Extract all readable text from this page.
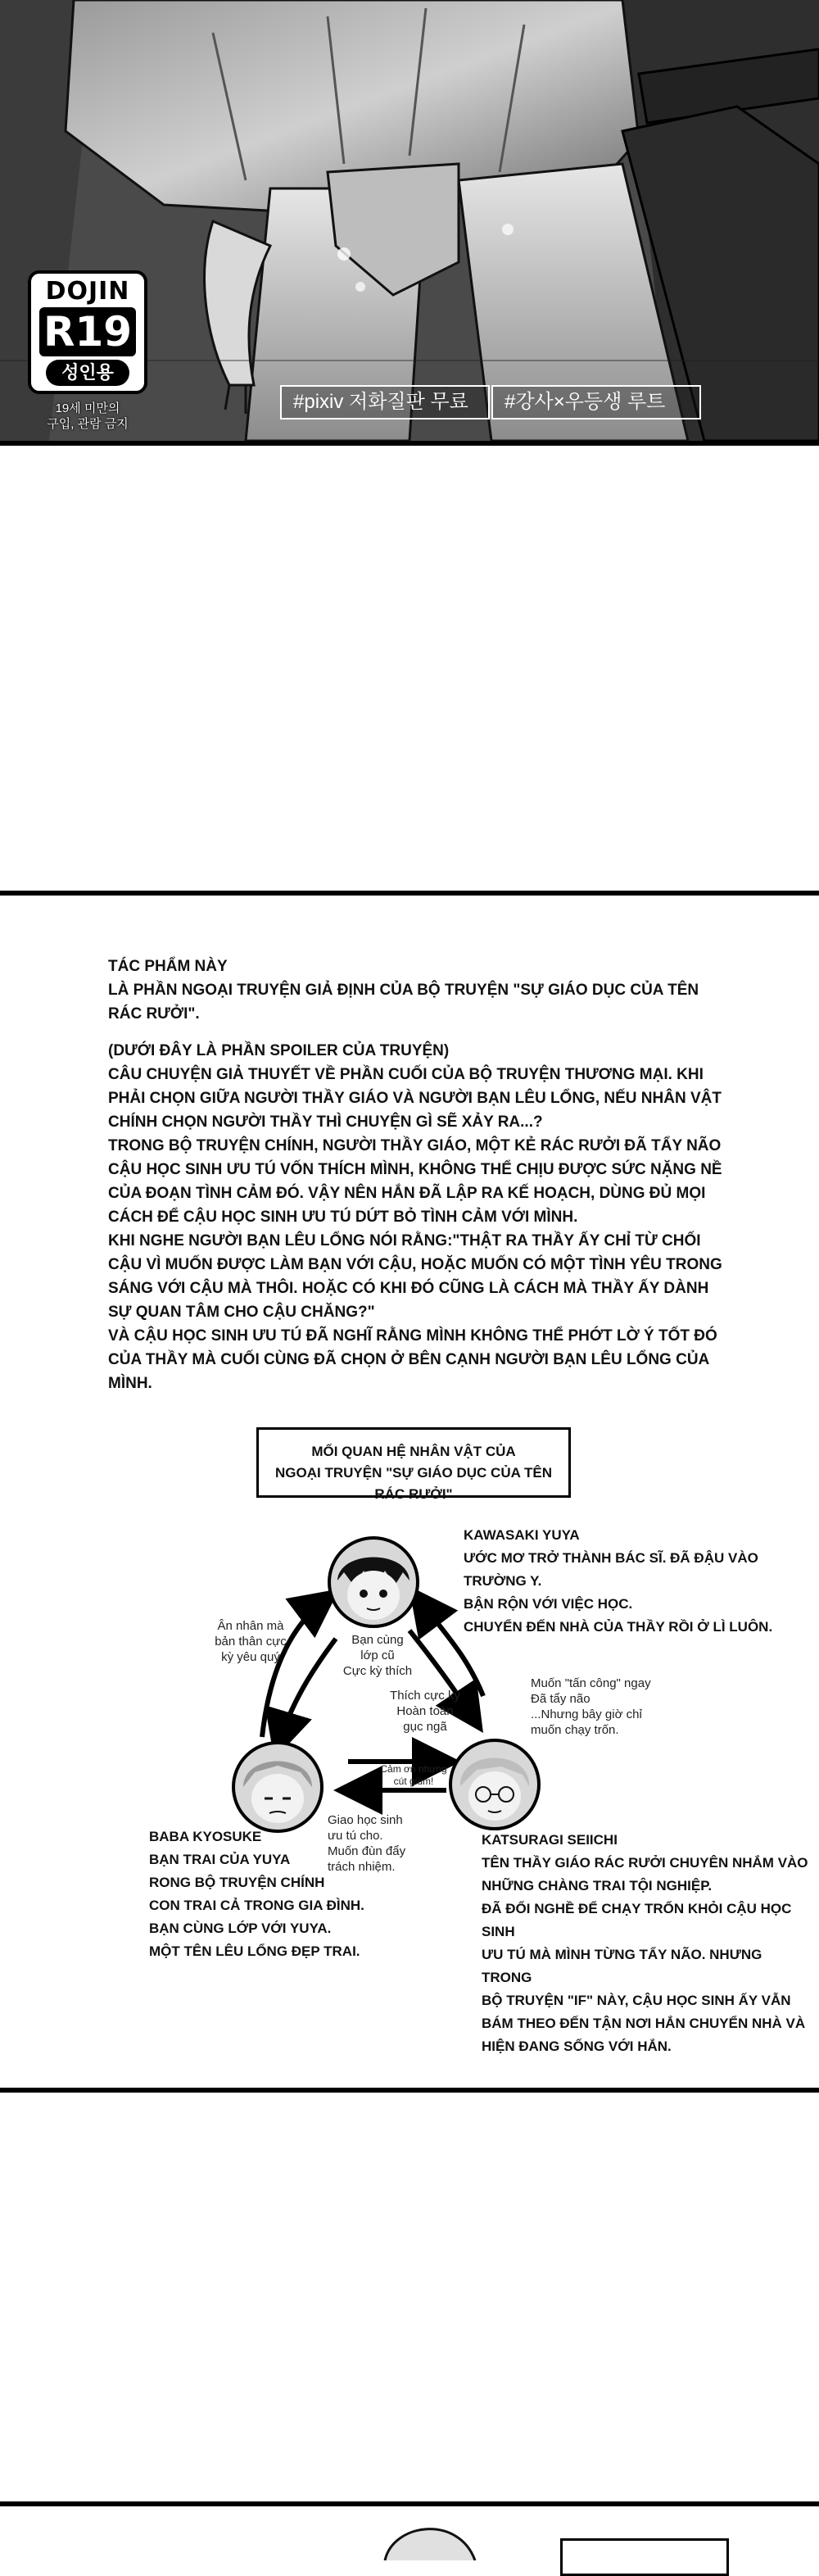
DOJIN
R19
성인용
19세 미만의
구입, 관람 금지
#pixiv 저화질판 무료	#강사×우등생 루트

TÁC PHẨM NÀY

LÀ PHẦN NGOẠI TRUYỆN GIẢ ĐỊNH CỦA BỘ TRUYỆN "SỰ GIÁO DỤC CỦA TÊN RÁC RƯỞI".

(DƯỚI ĐÂY LÀ PHẦN SPOILER CỦA TRUYỆN)

CÂU CHUYỆN GIẢ THUYẾT VỀ PHẦN CUỐI CỦA BỘ TRUYỆN THƯƠNG MẠI. KHI PHẢI CHỌN GIỮA NGƯỜI THẦY GIÁO VÀ NGƯỜI BẠN LÊU LỔNG, NẾU NHÂN VẬT CHÍNH CHỌN NGƯỜI THẦY THÌ CHUYỆN GÌ SẼ XẢY RA...?

TRONG BỘ TRUYỆN CHÍNH, NGƯỜI THẦY GIÁO, MỘT KẺ RÁC RƯỞI ĐÃ TẨY NÃO CẬU HỌC SINH ƯU TÚ VỐN THÍCH MÌNH, KHÔNG THỂ CHỊU ĐƯỢC SỨC NẶNG NỀ CỦA ĐOẠN TÌNH CẢM ĐÓ. VẬY NÊN HẮN ĐÃ LẬP RA KẾ HOẠCH, DÙNG ĐỦ MỌI CÁCH ĐỂ CẬU HỌC SINH ƯU TÚ DỨT BỎ TÌNH CẢM VỚI MÌNH.

KHI NGHE NGƯỜI BẠN LÊU LỔNG NÓI RẰNG:"THẬT RA THẦY ẤY CHỈ TỪ CHỐI CẬU VÌ MUỐN ĐƯỢC LÀM BẠN VỚI CẬU, HOẶC MUỐN CÓ MỘT TÌNH YÊU TRONG SÁNG VỚI CẬU MÀ THÔI. HOẶC CÓ KHI ĐÓ CŨNG LÀ CÁCH MÀ THẦY ẤY DÀNH SỰ QUAN TÂM CHO CẬU CHĂNG?"

VÀ CẬU HỌC SINH ƯU TÚ ĐÃ NGHĨ RẰNG MÌNH KHÔNG THỂ PHỚT LỜ Ý TỐT ĐÓ CỦA THẦY MÀ CUỐI CÙNG ĐÃ CHỌN Ở BÊN CẠNH NGƯỜI BẠN LÊU LỔNG CỦA MÌNH.

MỐI QUAN HỆ NHÂN VẬT CỦA
NGOẠI TRUYỆN "SỰ GIÁO DỤC CỦA TÊN RÁC RƯỞI"
KAWASAKI YUYA
ƯỚC MƠ TRỞ THÀNH BÁC SĨ. ĐÃ ĐẬU VÀO
TRƯỜNG Y.
BẬN RỘN VỚI VIỆC HỌC.
CHUYỂN ĐẾN NHÀ CỦA THẦY RỒI Ở LÌ LUÔN.
BABA KYOSUKE
BẠN TRAI CỦA YUYA
RONG BỘ TRUYỆN CHÍNH
CON TRAI CẢ TRONG GIA ĐÌNH.
BẠN CÙNG LỚP VỚI YUYA.
MỘT TÊN LÊU LỔNG ĐẸP TRAI.
KATSURAGI SEIICHI
TÊN THẦY GIÁO RÁC RƯỞI CHUYÊN NHẮM VÀO
NHỮNG CHÀNG TRAI TỘI NGHIỆP.
ĐÃ ĐỔI NGHỀ ĐỂ CHẠY TRỐN KHỎI CẬU HỌC SINH
ƯU TÚ MÀ MÌNH TỪNG TẨY NÃO. NHƯNG TRONG
BỘ TRUYỆN "IF" NÀY, CẬU HỌC SINH ẤY VẪN
BÁM THEO ĐẾN TẬN NƠI HẮN CHUYỂN NHÀ VÀ
HIỆN ĐANG SỐNG VỚI HẮN.
Ân nhân mà
bản thân cực
kỳ yêu quý
Bạn cùng
lớp cũ
Cực kỳ thích
Thích cực kỳ
Hoàn toàn
gục ngã
Muốn "tấn công" ngay
Đã tẩy não
...Nhưng bây giờ chỉ
muốn chạy trốn.
Cảm ơn nhưng
cút giùm!
Giao học sinh
ưu tú cho.
Muốn đùn đẩy
trách nhiệm.
